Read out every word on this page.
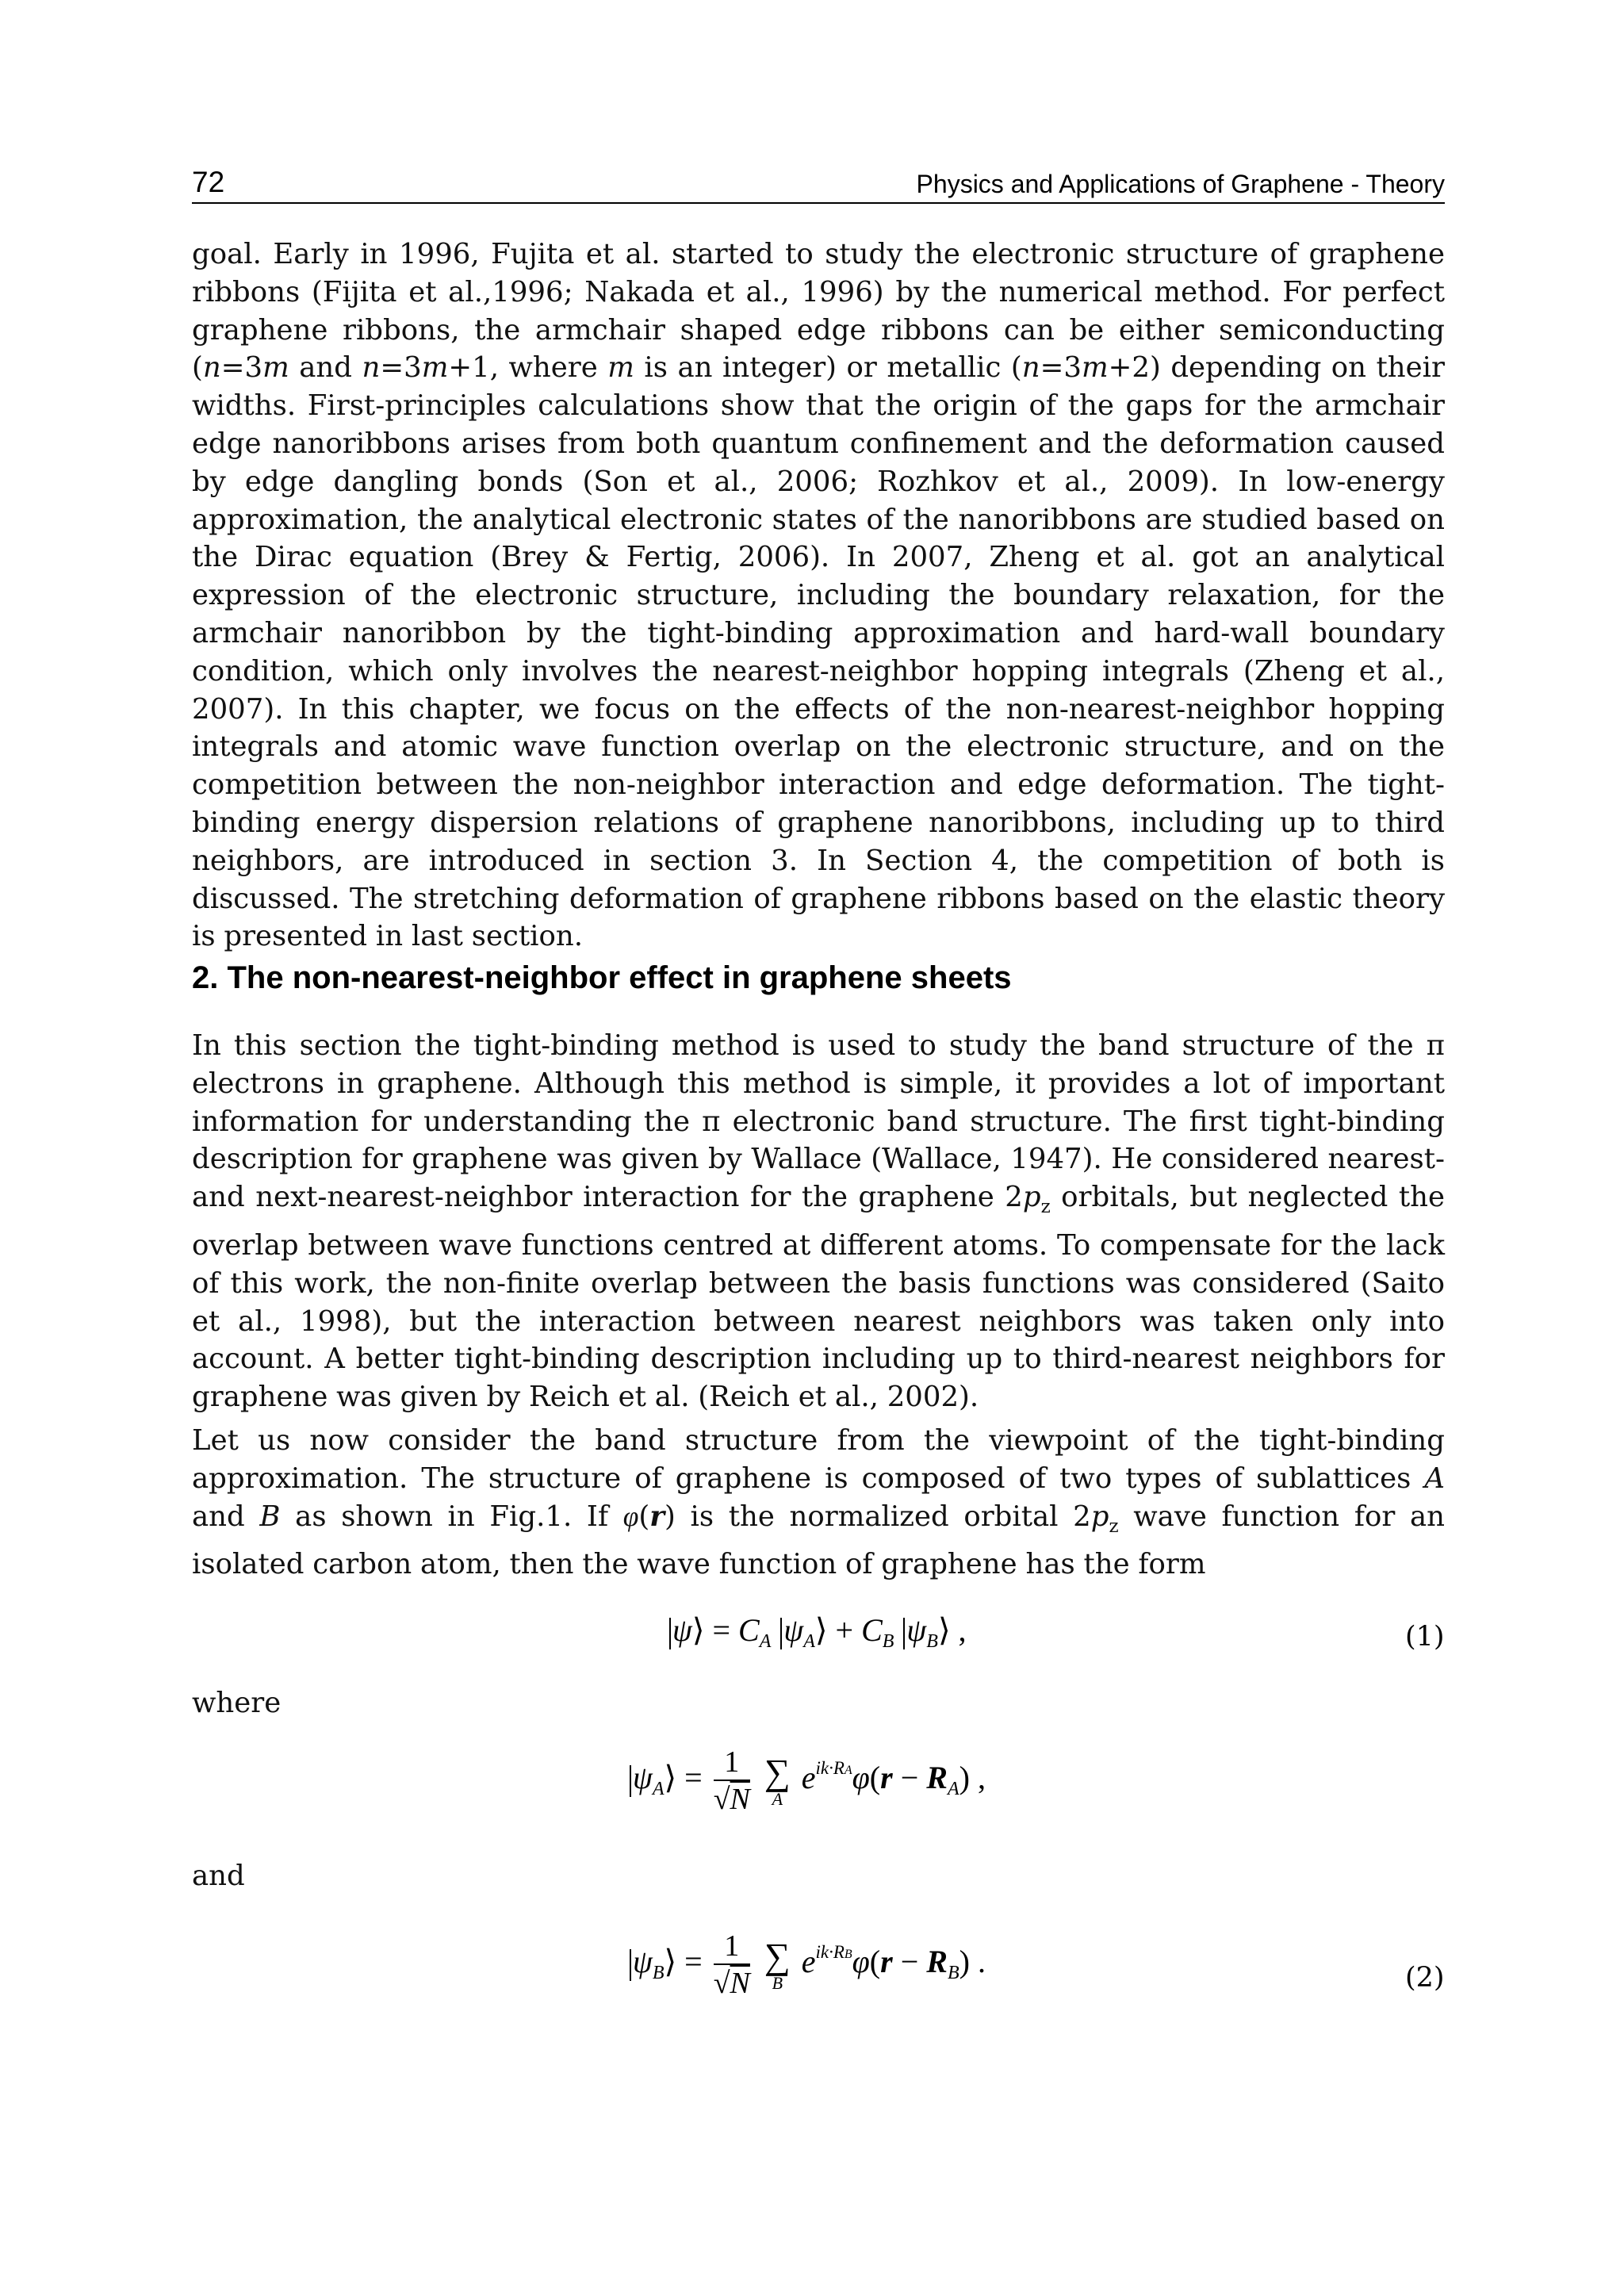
72	Physics and Applications of Graphene - Theory
goal. Early in 1996, Fujita et al. started to study the electronic structure of graphene ribbons (Fijita et al.,1996; Nakada et al., 1996) by the numerical method. For perfect graphene ribbons, the armchair shaped edge ribbons can be either semiconducting (n=3m and n=3m+1, where m is an integer) or metallic (n=3m+2) depending on their widths. First-principles calculations show that the origin of the gaps for the armchair edge nanoribbons arises from both quantum confinement and the deformation caused by edge dangling bonds (Son et al., 2006; Rozhkov et al., 2009). In low-energy approximation, the analytical electronic states of the nanoribbons are studied based on the Dirac equation (Brey & Fertig, 2006). In 2007, Zheng et al. got an analytical expression of the electronic structure, including the boundary relaxation, for the armchair nanoribbon by the tight-binding approximation and hard-wall boundary condition, which only involves the nearest-neighbor hopping integrals (Zheng et al., 2007). In this chapter, we focus on the effects of the non-nearest-neighbor hopping integrals and atomic wave function overlap on the electronic structure, and on the competition between the non-neighbor interaction and edge deformation. The tight-binding energy dispersion relations of graphene nanoribbons, including up to third neighbors, are introduced in section 3. In Section 4, the competition of both is discussed. The stretching deformation of graphene ribbons based on the elastic theory is presented in last section.
2. The non-nearest-neighbor effect in graphene sheets
In this section the tight-binding method is used to study the band structure of the π electrons in graphene. Although this method is simple, it provides a lot of important information for understanding the π electronic band structure. The first tight-binding description for graphene was given by Wallace (Wallace, 1947). He considered nearest- and next-nearest-neighbor interaction for the graphene $2p_z$ orbitals, but neglected the overlap between wave functions centred at different atoms. To compensate for the lack of this work, the non-finite overlap between the basis functions was considered (Saito et al., 1998), but the interaction between nearest neighbors was taken only into account. A better tight-binding description including up to third-nearest neighbors for graphene was given by Reich et al. (Reich et al., 2002).
Let us now consider the band structure from the viewpoint of the tight-binding approximation. The structure of graphene is composed of two types of sublattices A and B as shown in Fig.1. If φ(r) is the normalized orbital $2p_z$ wave function for an isolated carbon atom, then the wave function of graphene has the form
ψ⟩ = $C_A$ $\psi_A⟩ + C_B$ $\psi_B⟩$ ,	(1)
where
$\psi_A⟩ = \frac{1}{√N}$
∑
A
$e^{ik\cdot RA}\varphi(r - R_A)$ ,
and
$\psi_B⟩ = \frac{1}{√N}$
∑
B
$e^{ik\cdot RB}\varphi(r - R_B)$ .	(2)
